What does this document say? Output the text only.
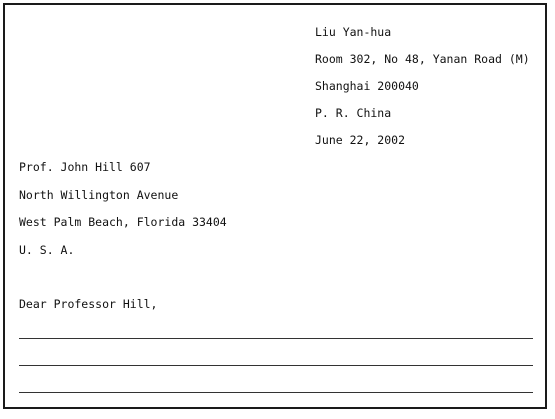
Liu Yan-hua
Room 302, No 48, Yanan Road (M)
Shanghai 200040
P. R. China
June 22, 2002
Prof. John Hill 607
North Willington Avenue
West Palm Beach, Florida 33404
U. S. A.
Dear Professor Hill,
